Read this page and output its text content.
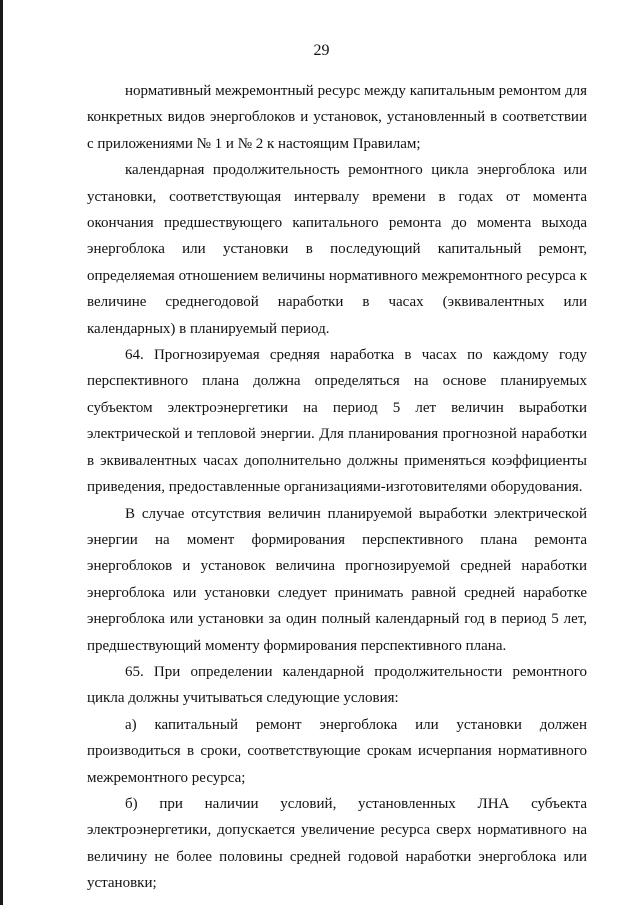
29

нормативный межремонтный ресурс между капитальным ремонтом для конкретных видов энергоблоков и установок, установленный в соответствии с приложениями № 1 и № 2 к настоящим Правилам;

календарная продолжительность ремонтного цикла энергоблока или установки, соответствующая интервалу времени в годах от момента окончания предшествующего капитального ремонта до момента выхода энергоблока или установки в последующий капитальный ремонт, определяемая отношением величины нормативного межремонтного ресурса к величине среднегодовой наработки в часах (эквивалентных или календарных) в планируемый период.

64. Прогнозируемая средняя наработка в часах по каждому году перспективного плана должна определяться на основе планируемых субъектом электроэнергетики на период 5 лет величин выработки электрической и тепловой энергии. Для планирования прогнозной наработки в эквивалентных часах дополнительно должны применяться коэффициенты приведения, предоставленные организациями-изготовителями оборудования.

В случае отсутствия величин планируемой выработки электрической энергии на момент формирования перспективного плана ремонта энергоблоков и установок величина прогнозируемой средней наработки энергоблока или установки следует принимать равной средней наработке энергоблока или установки за один полный календарный год в период 5 лет, предшествующий моменту формирования перспективного плана.

65. При определении календарной продолжительности ремонтного цикла должны учитываться следующие условия:

а) капитальный ремонт энергоблока или установки должен производиться в сроки, соответствующие срокам исчерпания нормативного межремонтного ресурса;

б) при наличии условий, установленных ЛНА субъекта электроэнергетики, допускается увеличение ресурса сверх нормативного на величину не более половины средней годовой наработки энергоблока или установки;
